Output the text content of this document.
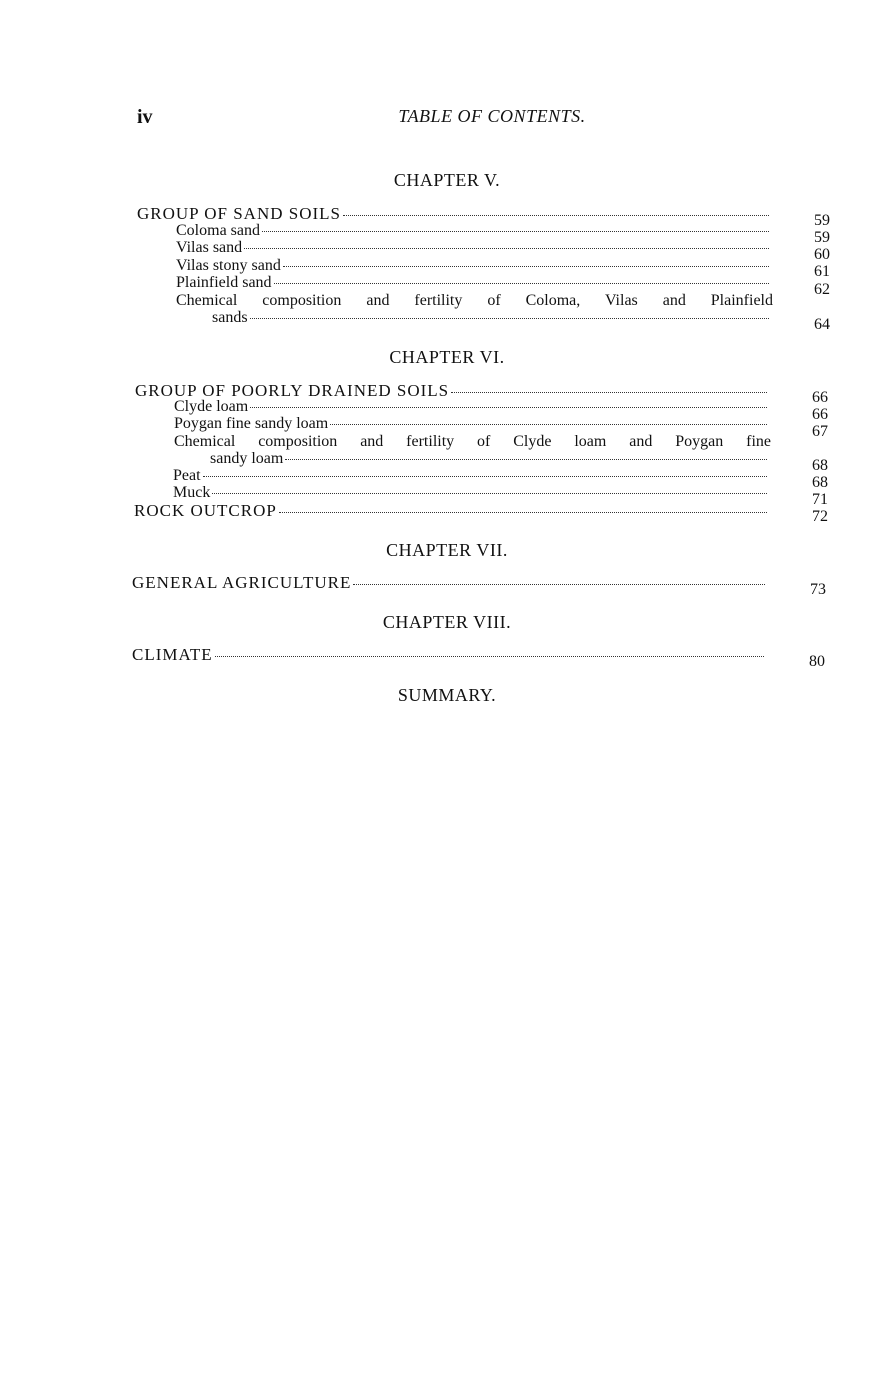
iv	TABLE OF CONTENTS.
CHAPTER V.
GROUP OF SAND SOILS	59
Coloma sand	59
Vilas sand	60
Vilas stony sand	61
Plainfield sand	62
Chemical composition and fertility of Coloma, Vilas and Plainfield
sands	64
CHAPTER VI.
GROUP OF POORLY DRAINED SOILS	66
Clyde loam	66
Poygan fine sandy loam	67
Chemical composition and fertility of Clyde loam and Poygan fine
sandy loam	68
Peat	68
Muck	71
ROCK OUTCROP	72
CHAPTER VII.
GENERAL AGRICULTURE	73
CHAPTER VIII.
CLIMATE	80
SUMMARY.
